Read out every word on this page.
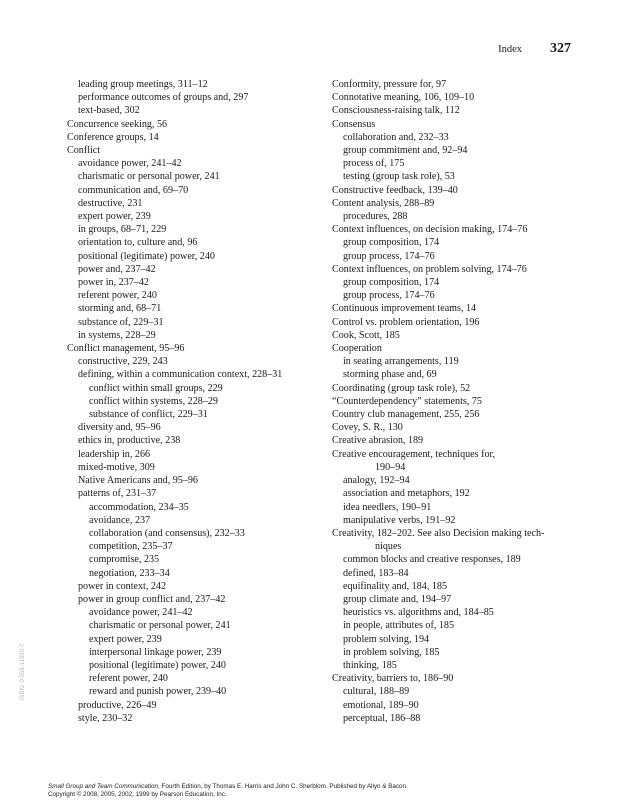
Index 327
leading group meetings, 311–12
performance outcomes of groups and, 297
text-based, 302
Concurrence seeking, 56
Conference groups, 14
Conflict
avoidance power, 241–42
charismatic or personal power, 241
communication and, 69–70
destructive, 231
expert power, 239
in groups, 68–71, 229
orientation to, culture and, 96
positional (legitimate) power, 240
power and, 237–42
power in, 237–42
referent power, 240
storming and, 68–71
substance of, 229–31
in systems, 228–29
Conflict management, 95–96
constructive, 229, 243
defining, within a communication context, 228–31
conflict within small groups, 229
conflict within systems, 228–29
substance of conflict, 229–31
diversity and, 95–96
ethics in, productive, 238
leadership in, 266
mixed-motive, 309
Native Americans and, 95–96
patterns of, 231–37
accommodation, 234–35
avoidance, 237
collaboration (and consensus), 232–33
competition, 235–37
compromise, 235
negotiation, 233–34
power in context, 242
power in group conflict and, 237–42
avoidance power, 241–42
charismatic or personal power, 241
expert power, 239
interpersonal linkage power, 239
positional (legitimate) power, 240
referent power, 240
reward and punish power, 239–40
productive, 226–49
style, 230–32
Conformity, pressure for, 97
Connotative meaning, 106, 109–10
Consciousness-raising talk, 112
Consensus
collaboration and, 232–33
group commitment and, 92–94
process of, 175
testing (group task role), 53
Constructive feedback, 139–40
Content analysis, 288–89
procedures, 288
Context influences, on decision making, 174–76
group composition, 174
group process, 174–76
Context influences, on problem solving, 174–76
group composition, 174
group process, 174–76
Continuous improvement teams, 14
Control vs. problem orientation, 196
Cook, Scott, 185
Cooperation
in seating arrangements, 119
storming phase and, 69
Coordinating (group task role), 52
“Counterdependency” statements, 75
Country club management, 255, 256
Covey, S. R., 130
Creative abrasion, 189
Creative encouragement, techniques for,
190–94
analogy, 192–94
association and metaphors, 192
idea needlers, 190–91
manipulative verbs, 191–92
Creativity, 182–202. See also Decision making tech-
niques
common blocks and creative responses, 189
defined, 183–84
equifinality and, 184, 185
group climate and, 194–97
heuristics vs. algorithms and, 184–85
in people, attributes of, 185
problem solving, 194
in problem solving, 185
thinking, 185
Creativity, barriers to, 186–90
cultural, 188–89
emotional, 189–90
perceptual, 186–88
ISBN: 0-558-11590-7
Small Group and Team Communication, Fourth Edition, by Thomas E. Harris and John C. Sherblom. Published by Allyn & Bacon.
Copyright © 2008, 2005, 2002, 1999 by Pearson Education, Inc.
